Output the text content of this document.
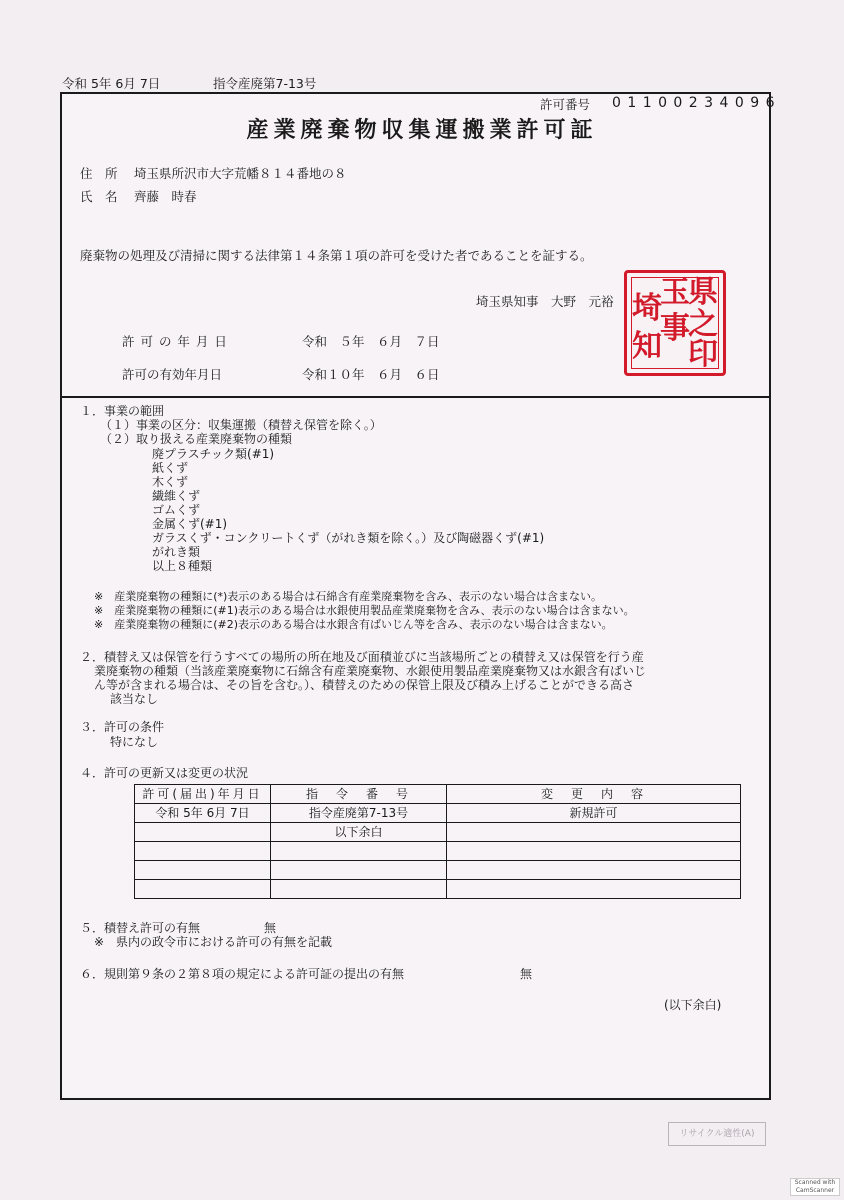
令和 5年 6月 7日	指令産廃第7-13号
許可番号 0 1 1 0 0 2 3 4 0 9 6
産業廃棄物収集運搬業許可証
住　所 埼玉県所沢市大字荒幡８１４番地の８
氏　名 齊藤　時春
廃棄物の処理及び清掃に関する法律第１４条第１項の許可を受けた者であることを証する。
埼玉県知事　大野　元裕 県
之
印
玉
事
埼
知
許 可 の 年 月 日	令和　５年　６月　７日
許可の有効年月日	令和１０年　６月　６日
１．事業の範囲
（１）事業の区分：収集運搬（積替え保管を除く。）
（２）取り扱える産業廃棄物の種類
廃プラスチック類(#1)
紙くず
木くず
繊維くず
ゴムくず
金属くず(#1)
ガラスくず・コンクリートくず（がれき類を除く。）及び陶磁器くず(#1)
がれき類
以上８種類
※　産業廃棄物の種類に(*)表示のある場合は石綿含有産業廃棄物を含み、表示のない場合は含まない。
※　産業廃棄物の種類に(#1)表示のある場合は水銀使用製品産業廃棄物を含み、表示のない場合は含まない。
※　産業廃棄物の種類に(#2)表示のある場合は水銀含有ばいじん等を含み、表示のない場合は含まない。
２．積替え又は保管を行うすべての場所の所在地及び面積並びに当該場所ごとの積替え又は保管を行う産
業廃棄物の種類（当該産業廃棄物に石綿含有産業廃棄物、水銀使用製品産業廃棄物又は水銀含有ばいじ
ん等が含まれる場合は、その旨を含む。）、積替えのための保管上限及び積み上げることができる高さ
該当なし
３．許可の条件
特になし
４．許可の更新又は変更の状況
許可(届出)年月日	指　令　番　号	変　更　内　容
令和 5年 6月 7日	指令産廃第7-13号	新規許可
	以下余白	

５．積替え許可の有無	無
※　県内の政令市における許可の有無を記載
６．規則第９条の２第８項の規定による許可証の提出の有無	無
(以下余白)
リサイクル適性(A)
Scanned with
CamScanner
